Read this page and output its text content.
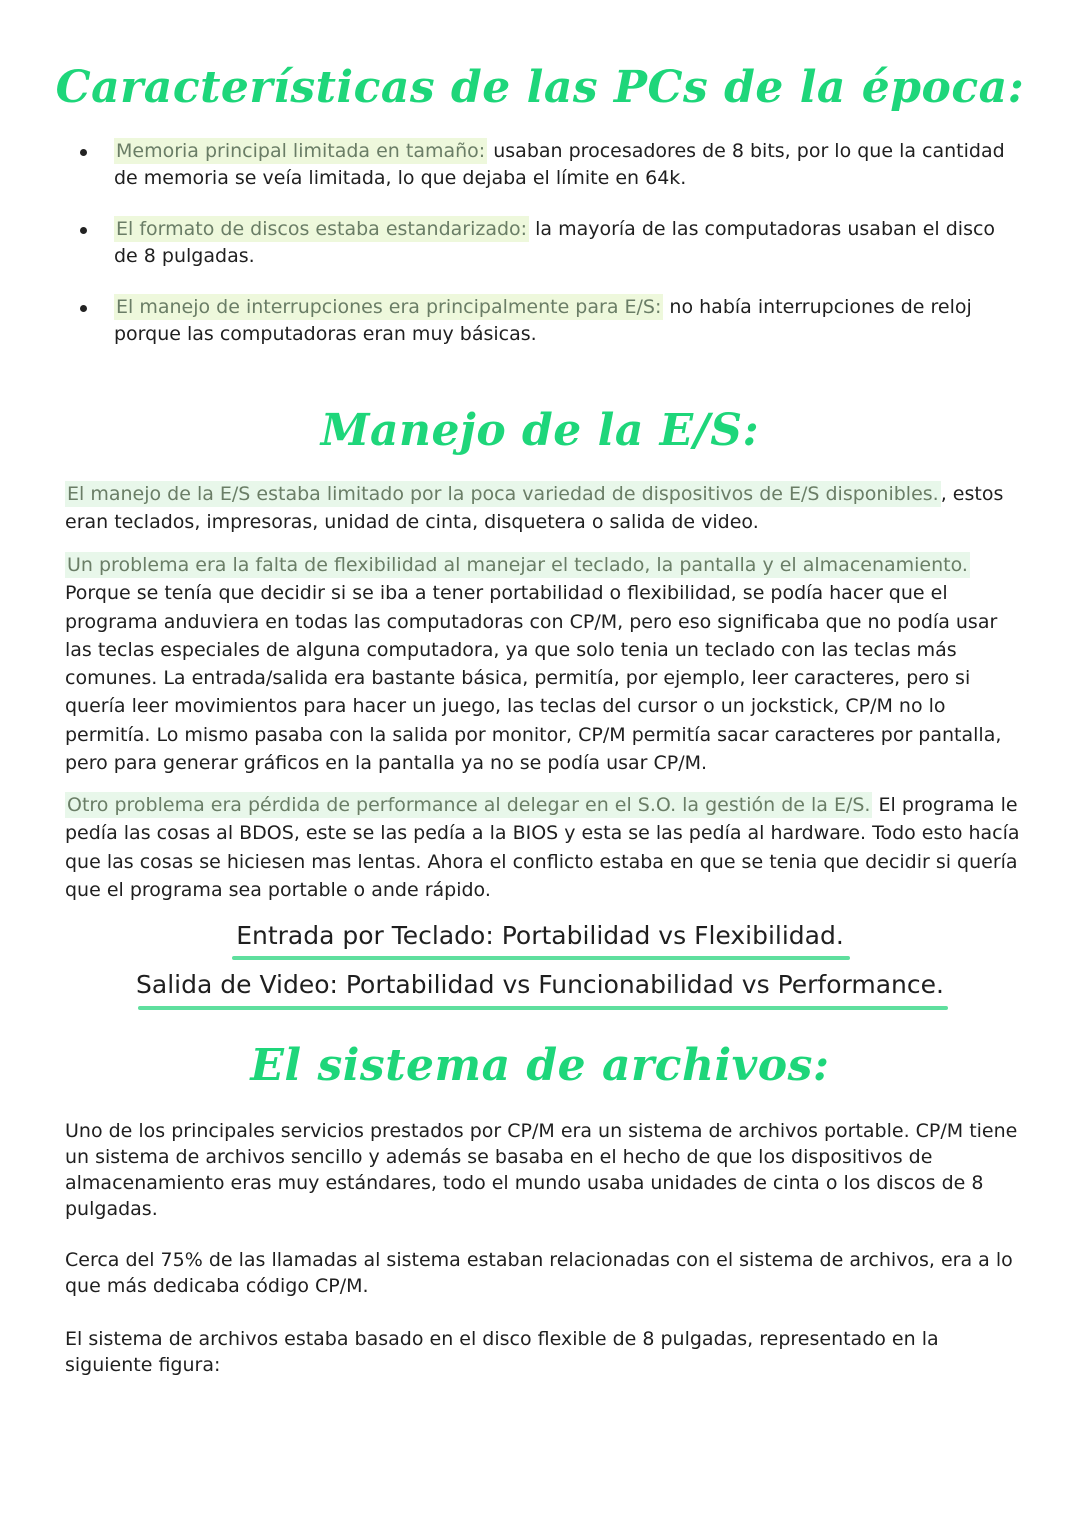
Características de las PCs de la época:
Memoria principal limitada en tamaño: usaban procesadores de 8 bits, por lo que la cantidad de memoria se veía limitada, lo que dejaba el límite en 64k.
El formato de discos estaba estandarizado: la mayoría de las computadoras usaban el disco de 8 pulgadas.
El manejo de interrupciones era principalmente para E/S: no había interrupciones de reloj porque las computadoras eran muy básicas.
Manejo de la E/S:

El manejo de la E/S estaba limitado por la poca variedad de dispositivos de E/S disponibles. , estos eran teclados, impresoras, unidad de cinta, disquetera o salida de video.

Un problema era la falta de flexibilidad al manejar el teclado, la pantalla y el almacenamiento. Porque se tenía que decidir si se iba a tener portabilidad o flexibilidad, se podía hacer que el programa anduviera en todas las computadoras con CP/M, pero eso significaba que no podía usar las teclas especiales de alguna computadora, ya que solo tenia un teclado con las teclas más comunes. La entrada/salida era bastante básica, permitía, por ejemplo, leer caracteres, pero si quería leer movimientos para hacer un juego, las teclas del cursor o un jockstick, CP/M no lo permitía. Lo mismo pasaba con la salida por monitor, CP/M permitía sacar caracteres por pantalla, pero para generar gráficos en la pantalla ya no se podía usar CP/M.

Otro problema era pérdida de performance al delegar en el S.O. la gestión de la E/S. El programa le pedía las cosas al BDOS, este se las pedía a la BIOS y esta se las pedía al hardware. Todo esto hacía que las cosas se hiciesen mas lentas. Ahora el conflicto estaba en que se tenia que decidir si quería que el programa sea portable o ande rápido.

Entrada por Teclado: Portabilidad vs Flexibilidad.

Salida de Video: Portabilidad vs Funcionabilidad vs Performance.

El sistema de archivos:

Uno de los principales servicios prestados por CP/M era un sistema de archivos portable. CP/M tiene un sistema de archivos sencillo y además se basaba en el hecho de que los dispositivos de almacenamiento eras muy estándares, todo el mundo usaba unidades de cinta o los discos de 8 pulgadas.

Cerca del 75% de las llamadas al sistema estaban relacionadas con el sistema de archivos, era a lo que más dedicaba código CP/M.

El sistema de archivos estaba basado en el disco flexible de 8 pulgadas, representado en la siguiente figura:
